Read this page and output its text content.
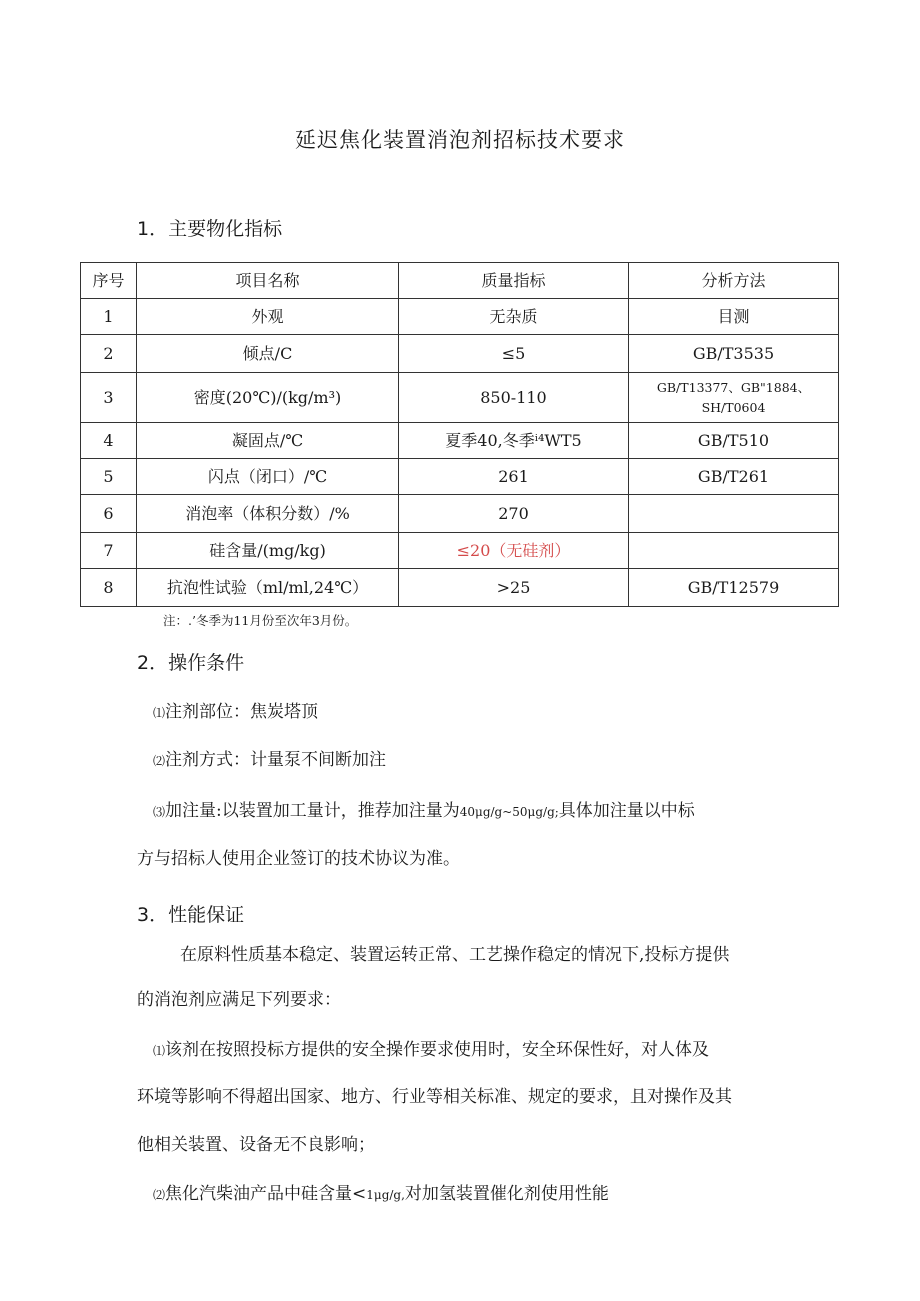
延迟焦化装置消泡剂招标技术要求
1．主要物化指标
序号	项目名称	质量指标	分析方法
1	外观	无杂质	目测
2	倾点/C	≤5	GB/T3535
3	密度(20℃)/(kg/m³)	850-110	GB/T13377、GB"1884、
SH/T0604

4	凝固点/℃	夏季40,冬季ⁱ⁴WT5	GB/T510
5	闪点（闭口）/℃	261	GB/T261
6	消泡率（体积分数）/%	270	
7	硅含量/(mg/kg)	≤20（无硅剂）	
8	抗泡性试验（ml/ml,24℃）	>25	GB/T12579
注：.’冬季为11月份至次年3月份。
2．操作条件
⑴注剂部位：焦炭塔顶
⑵注剂方式：计量泵不间断加注
⑶加注量:以装置加工量计，推荐加注量为40μg/g~50μg/g;具体加注量以中标
方与招标人使用企业签订的技术协议为准。
3．性能保证
在原料性质基本稳定、装置运转正常、工艺操作稳定的情况下,投标方提供
的消泡剂应满足下列要求：
⑴该剂在按照投标方提供的安全操作要求使用时，安全环保性好，对人体及
环境等影响不得超出国家、地方、行业等相关标准、规定的要求，且对操作及其
他相关装置、设备无不良影响；
⑵焦化汽柴油产品中硅含量<1μg/g,对加氢装置催化剂使用性能
